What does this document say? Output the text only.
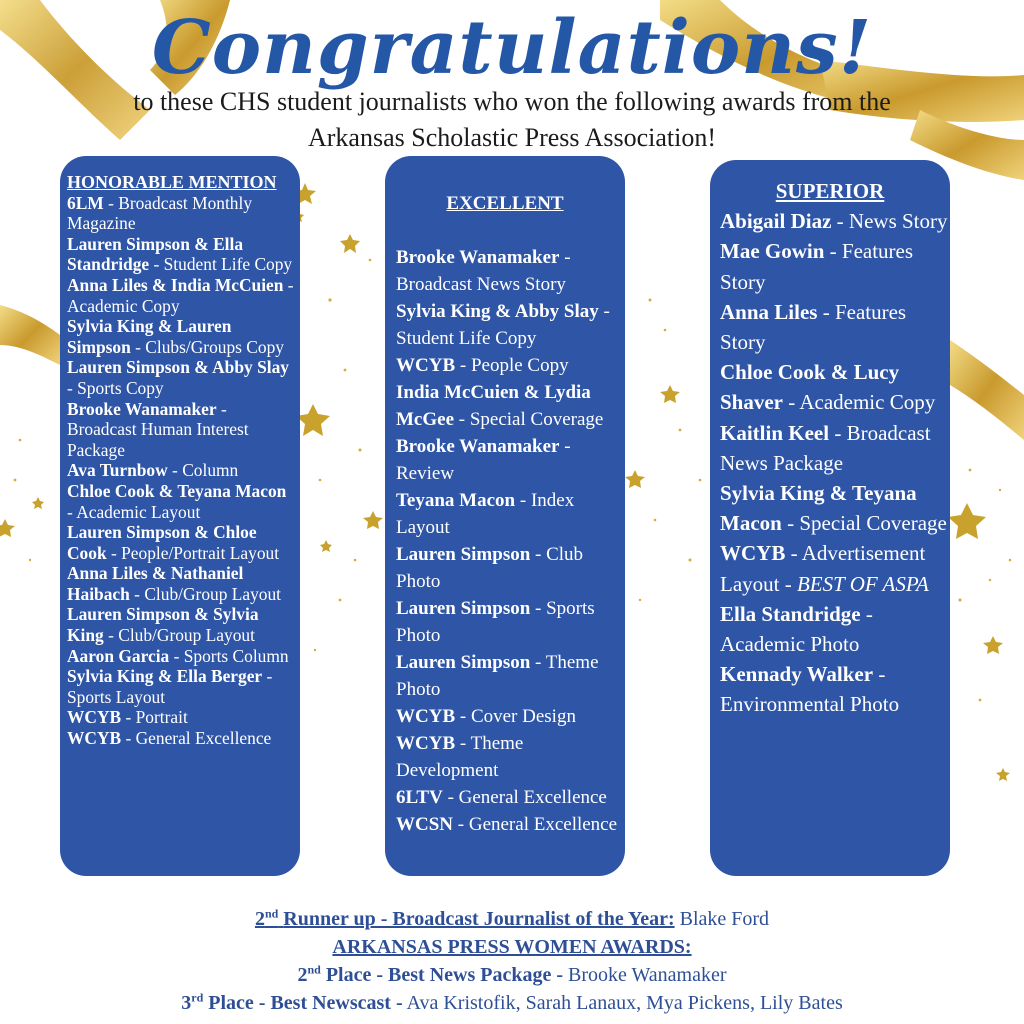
Congratulations!
to these CHS student journalists who won the following awards from the
Arkansas Scholastic Press Association!
HONORABLE MENTION

6LM - Broadcast Monthly Magazine

Lauren Simpson & Ella Standridge - Student Life Copy

Anna Liles & India McCuien - Academic Copy

Sylvia King & Lauren Simpson - Clubs/Groups Copy

Lauren Simpson & Abby Slay - Sports Copy

Brooke Wanamaker - Broadcast Human Interest Package

Ava Turnbow - Column

Chloe Cook & Teyana Macon - Academic Layout

Lauren Simpson & Chloe Cook - People/Portrait Layout

Anna Liles & Nathaniel Haibach - Club/Group Layout

Lauren Simpson & Sylvia King - Club/Group Layout

Aaron Garcia - Sports Column

Sylvia King & Ella Berger - Sports Layout

WCYB - Portrait

WCYB - General Excellence

EXCELLENT

Brooke Wanamaker - Broadcast News Story

Sylvia King & Abby Slay - Student Life Copy

WCYB - People Copy

India McCuien & Lydia McGee - Special Coverage

Brooke Wanamaker - Review

Teyana Macon - Index Layout

Lauren Simpson - Club Photo

Lauren Simpson - Sports Photo

Lauren Simpson - Theme Photo

WCYB - Cover Design

WCYB - Theme Development

6LTV - General Excellence

WCSN - General Excellence

SUPERIOR

Abigail Diaz - News Story

Mae Gowin - Features Story

Anna Liles - Features Story

Chloe Cook & Lucy Shaver - Academic Copy

Kaitlin Keel - Broadcast News Package

Sylvia King & Teyana Macon - Special Coverage

WCYB - Advertisement Layout - BEST OF ASPA

Ella Standridge - Academic Photo

Kennady Walker - Environmental Photo

2nd Runner up - Broadcast Journalist of the Year: Blake Ford
ARKANSAS PRESS WOMEN AWARDS:
2nd Place - Best News Package - Brooke Wanamaker
3rd Place - Best Newscast - Ava Kristofik, Sarah Lanaux, Mya Pickens, Lily Bates
